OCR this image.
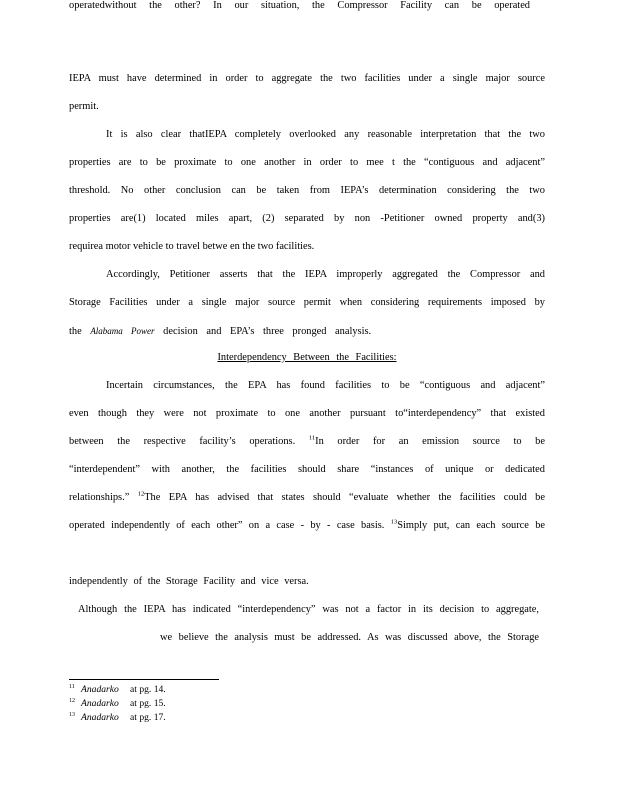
IEPA must have determined in order to aggregate the two facilities under a single major source
permit.
It is also clear thatIEPA completely overlooked any reasonable interpretation that the two
properties are to be proximate to one another in order to mee t the “contiguous and adjacent”
threshold. No other conclusion can be taken from IEPA’s determination considering the two
properties are(1) located miles apart, (2) separated by non -Petitioner owned property and(3)
requirea motor vehicle to travel betwe en the two facilities.
Accordingly, Petitioner asserts that the IEPA improperly aggregated the Compressor and
Storage Facilities under a single major source permit when considering requirements imposed by
the Alabama Power decision and EPA’s three pronged analysis.
Interdependency Between the Facilities:
Incertain circumstances, the EPA has found facilities to be “contiguous and adjacent”
even though they were not proximate to one another pursuant to“interdependency” that existed
between the respective facility’s operations. $^{11}$In order for an emission source to be
“interdependent” with another, the facilities should share “instances of unique or dedicated
relationships.” $^{12}$The EPA has advised that states should “evaluate whether the facilities could be
operated independently of each other” on a case - by - case basis. $^{13}$Simply put, can each source be
operatedwithout the other? In our situation, the Compressor Facility can be operated
independently of the Storage Facility and vice versa.
Although the IEPA has indicated “interdependency” was not a factor in its decision to aggregate,
we believe the analysis must be addressed. As was discussed above, the Storage
11 Anadarko at pg. 14.
12 Anadarko at pg. 15.
13 Anadarko at pg. 17.
